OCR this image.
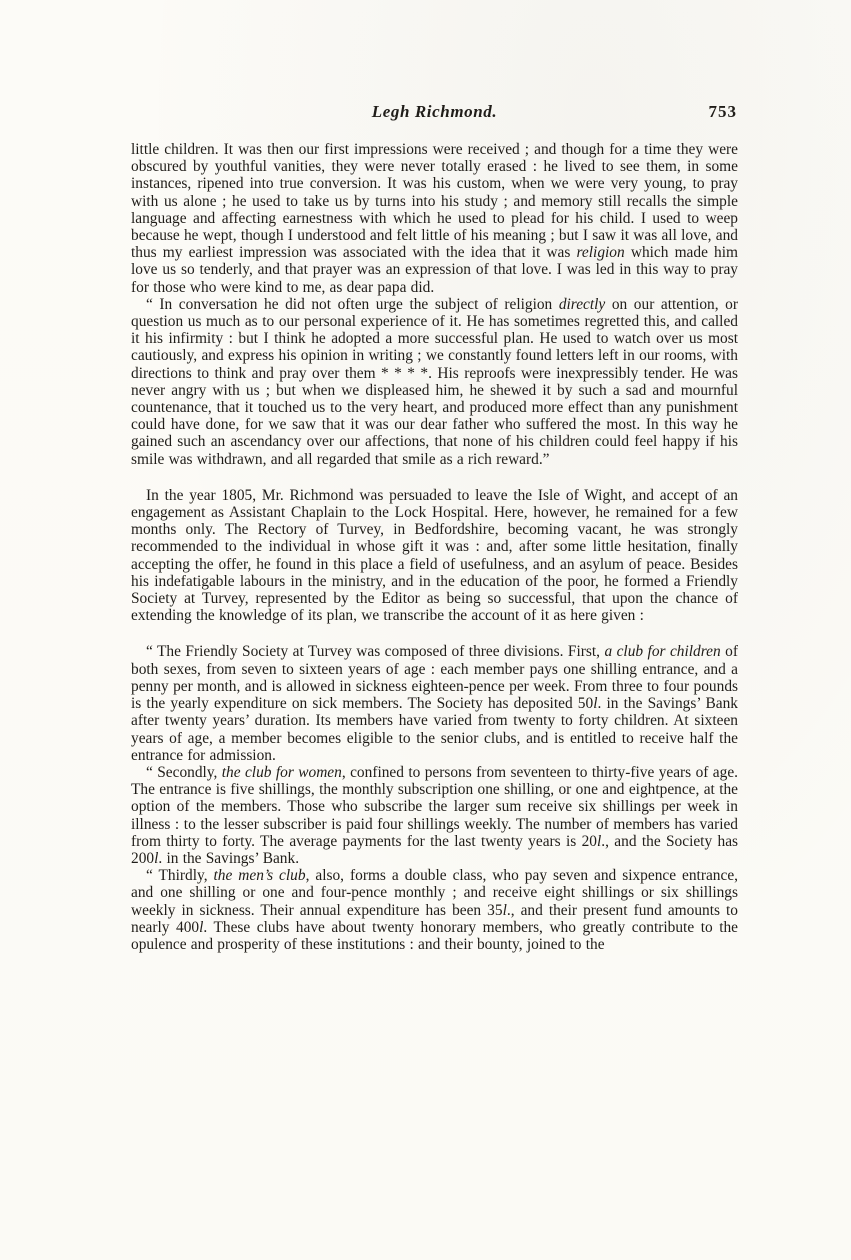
Legh Richmond.	753

little children. It was then our first impressions were received ; and though for a time they were obscured by youthful vanities, they were never totally erased : he lived to see them, in some instances, ripened into true conversion. It was his custom, when we were very young, to pray with us alone ; he used to take us by turns into his study ; and memory still recalls the simple language and affecting earnestness with which he used to plead for his child. I used to weep because he wept, though I understood and felt little of his meaning ; but I saw it was all love, and thus my earliest impression was associated with the idea that it was religion which made him love us so tenderly, and that prayer was an expression of that love. I was led in this way to pray for those who were kind to me, as dear papa did.

“ In conversation he did not often urge the subject of religion directly on our attention, or question us much as to our personal experience of it. He has sometimes regretted this, and called it his infirmity : but I think he adopted a more successful plan. He used to watch over us most cautiously, and express his opinion in writing ; we constantly found letters left in our rooms, with directions to think and pray over them * * * *. His reproofs were inexpressibly tender. He was never angry with us ; but when we displeased him, he shewed it by such a sad and mournful countenance, that it touched us to the very heart, and produced more effect than any punishment could have done, for we saw that it was our dear father who suffered the most. In this way he gained such an ascendancy over our affections, that none of his children could feel happy if his smile was withdrawn, and all regarded that smile as a rich reward.”

In the year 1805, Mr. Richmond was persuaded to leave the Isle of Wight, and accept of an engagement as Assistant Chaplain to the Lock Hospital. Here, however, he remained for a few months only. The Rectory of Turvey, in Bedfordshire, becoming vacant, he was strongly recommended to the individual in whose gift it was : and, after some little hesitation, finally accepting the offer, he found in this place a field of usefulness, and an asylum of peace. Besides his indefatigable labours in the ministry, and in the education of the poor, he formed a Friendly Society at Turvey, represented by the Editor as being so successful, that upon the chance of extending the knowledge of its plan, we transcribe the account of it as here given :

“ The Friendly Society at Turvey was composed of three divisions. First, a club for children of both sexes, from seven to sixteen years of age : each member pays one shilling entrance, and a penny per month, and is allowed in sickness eighteen-pence per week. From three to four pounds is the yearly expenditure on sick members. The Society has deposited 50l. in the Savings’ Bank after twenty years’ duration. Its members have varied from twenty to forty children. At sixteen years of age, a member becomes eligible to the senior clubs, and is entitled to receive half the entrance for admission.

“ Secondly, the club for women, confined to persons from seventeen to thirty-five years of age. The entrance is five shillings, the monthly subscription one shilling, or one and eightpence, at the option of the members. Those who subscribe the larger sum receive six shillings per week in illness : to the lesser subscriber is paid four shillings weekly. The number of members has varied from thirty to forty. The average payments for the last twenty years is 20l., and the Society has 200l. in the Savings’ Bank.

“ Thirdly, the men’s club, also, forms a double class, who pay seven and sixpence entrance, and one shilling or one and four-pence monthly ; and receive eight shillings or six shillings weekly in sickness. Their annual expenditure has been 35l., and their present fund amounts to nearly 400l. These clubs have about twenty honorary members, who greatly contribute to the opulence and prosperity of these institutions : and their bounty, joined to the
